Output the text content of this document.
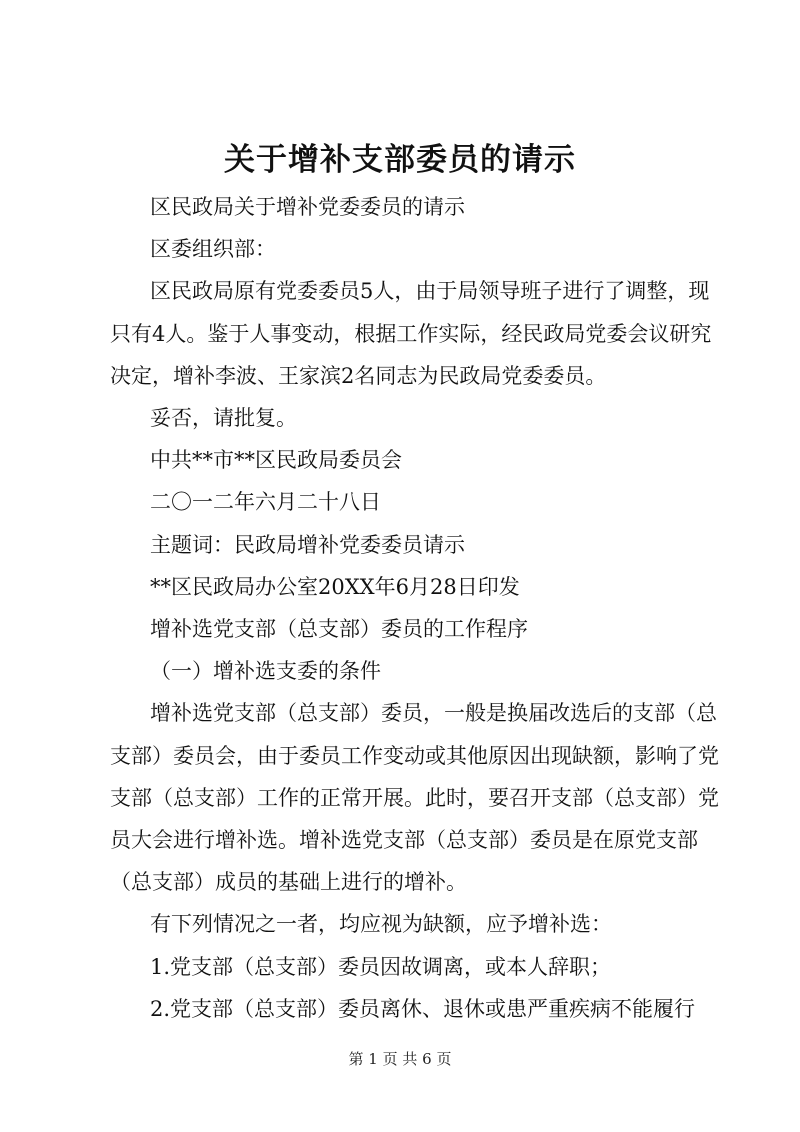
关于增补支部委员的请示

区民政局关于增补党委委员的请示

区委组织部：

区民政局原有党委委员5人，由于局领导班子进行了调整，现只有4人。鉴于人事变动，根据工作实际，经民政局党委会议研究决定，增补李波、王家滨2名同志为民政局党委委员。

妥否，请批复。

中共**市**区民政局委员会

二〇一二年六月二十八日

主题词：民政局增补党委委员请示

**区民政局办公室20XX年6月28日印发

增补选党支部（总支部）委员的工作程序

（一）增补选支委的条件

增补选党支部（总支部）委员，一般是换届改选后的支部（总支部）委员会，由于委员工作变动或其他原因出现缺额，影响了党支部（总支部）工作的正常开展。此时，要召开支部（总支部）党员大会进行增补选。增补选党支部（总支部）委员是在原党支部（总支部）成员的基础上进行的增补。

有下列情况之一者，均应视为缺额，应予增补选：

1.党支部（总支部）委员因故调离，或本人辞职；

2.党支部（总支部）委员离休、退休或患严重疾病不能履行

第 1 页 共 6 页
